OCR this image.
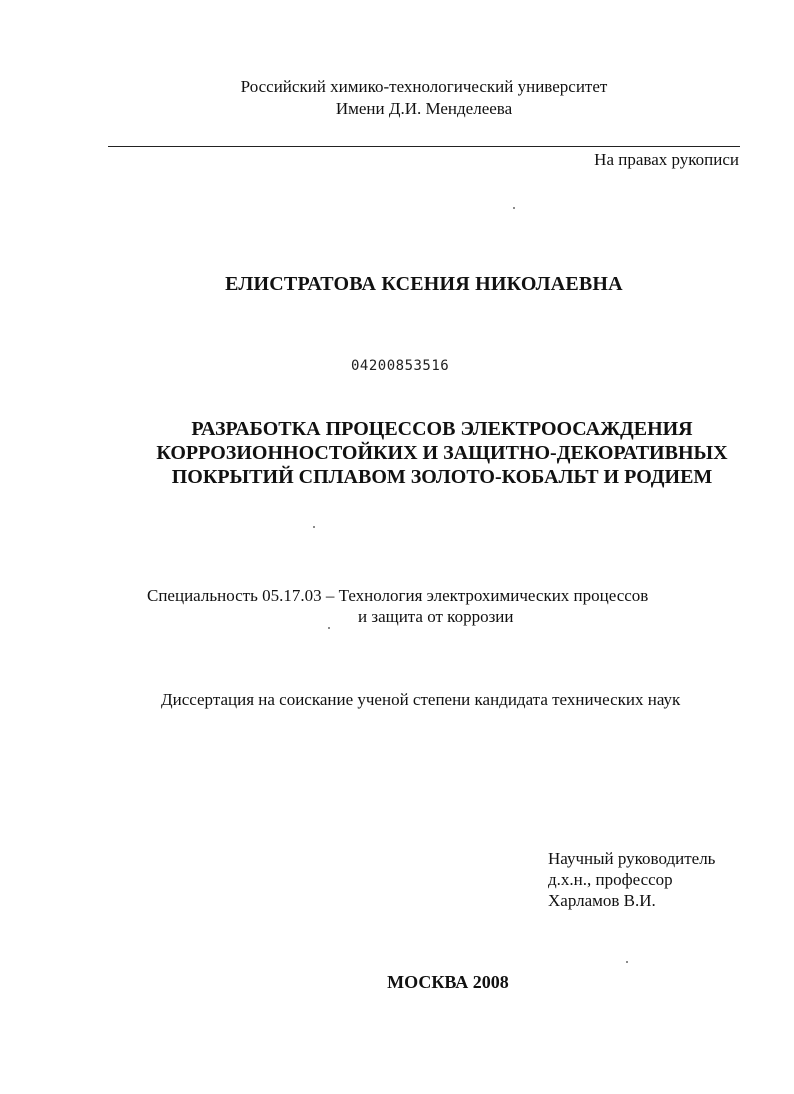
Российский химико-технологический университет
Имени Д.И. Менделеева
На правах рукописи
ЕЛИСТРАТОВА КСЕНИЯ НИКОЛАЕВНА
04200853516
РАЗРАБОТКА ПРОЦЕССОВ ЭЛЕКТРООСАЖДЕНИЯ
КОРРОЗИОННОСТОЙКИХ И ЗАЩИТНО-ДЕКОРАТИВНЫХ
ПОКРЫТИЙ СПЛАВОМ ЗОЛОТО-КОБАЛЬТ И РОДИЕМ
Специальность 05.17.03 – Технология электрохимических процессов
и защита от коррозии
Диссертация на соискание ученой степени кандидата технических наук
Научный руководитель
д.х.н., профессор
Харламов В.И.
МОСКВА 2008
